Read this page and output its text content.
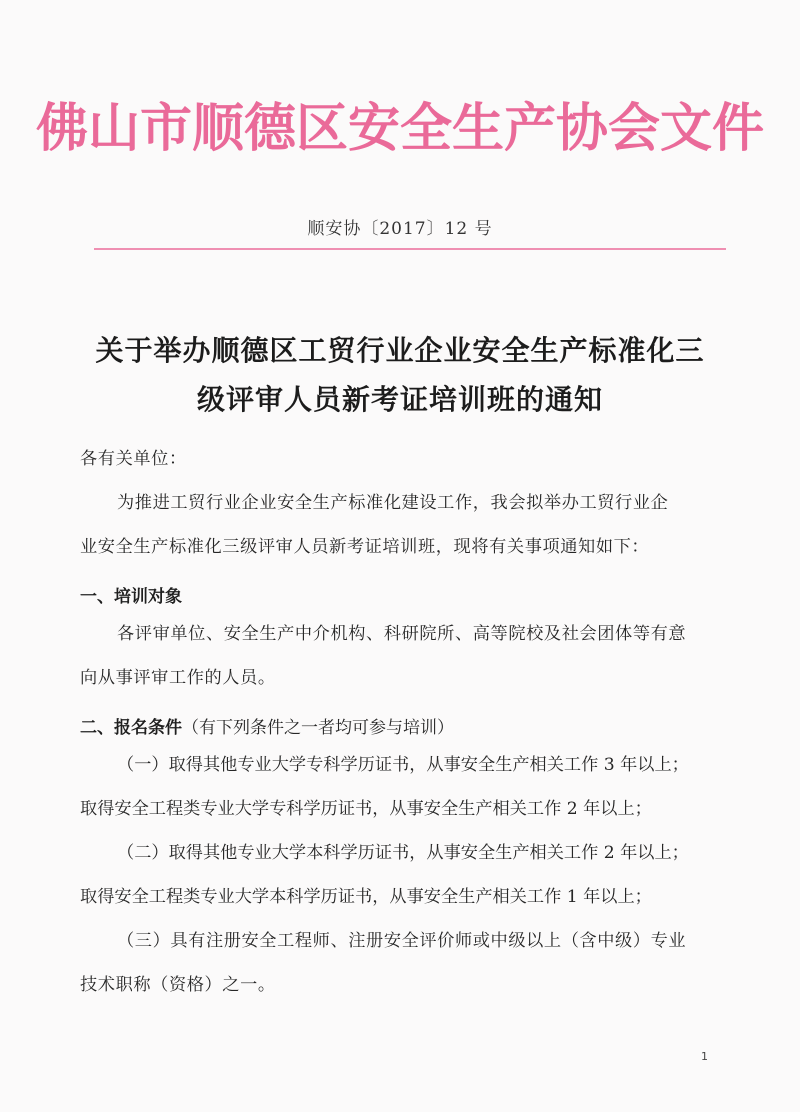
佛山市顺德区安全生产协会文件
顺安协〔2017〕12 号
关于举办顺德区工贸行业企业安全生产标准化三
级评审人员新考证培训班的通知
各有关单位：
为推进工贸行业企业安全生产标准化建设工作，我会拟举办工贸行业企
业安全生产标准化三级评审人员新考证培训班，现将有关事项通知如下：
一、培训对象
各评审单位、安全生产中介机构、科研院所、高等院校及社会团体等有意
向从事评审工作的人员。
二、报名条件（有下列条件之一者均可参与培训）
（一）取得其他专业大学专科学历证书，从事安全生产相关工作 3 年以上；
取得安全工程类专业大学专科学历证书，从事安全生产相关工作 2 年以上；
（二）取得其他专业大学本科学历证书，从事安全生产相关工作 2 年以上；
取得安全工程类专业大学本科学历证书，从事安全生产相关工作 1 年以上；
（三）具有注册安全工程师、注册安全评价师或中级以上（含中级）专业
技术职称（资格）之一。
1
